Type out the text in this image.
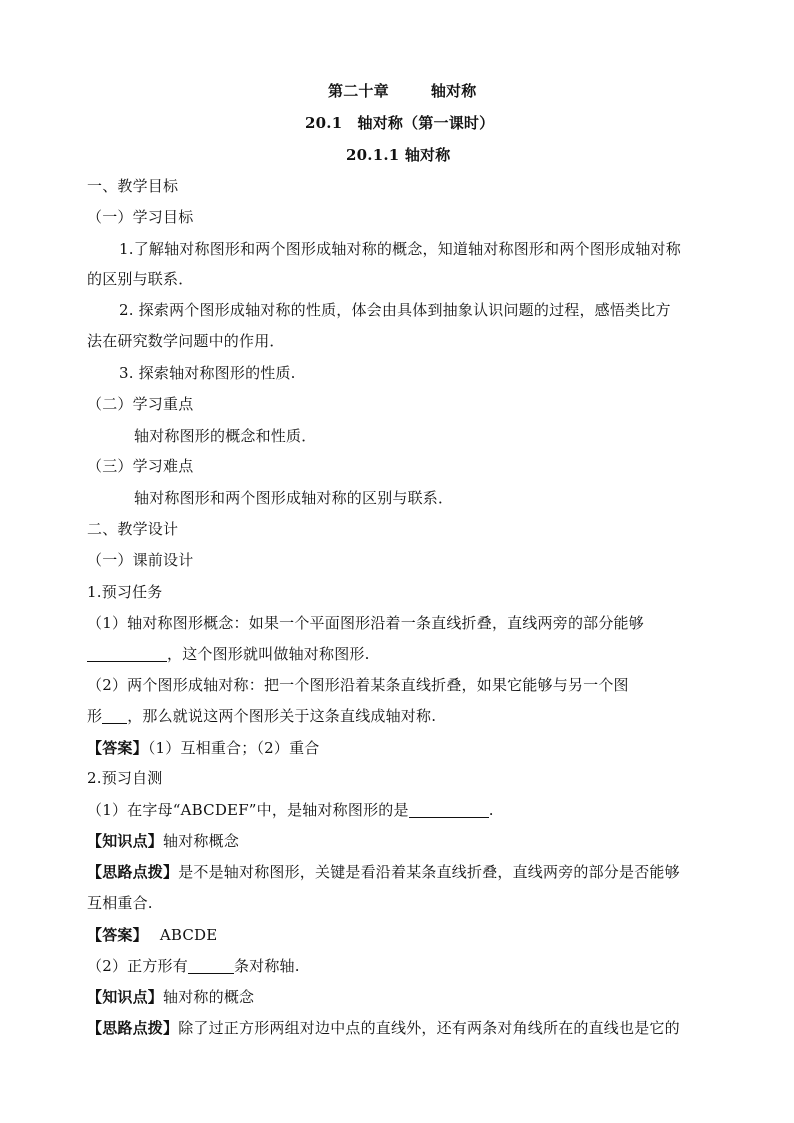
第二十章	轴对称
20.1　轴对称（第一课时）
20.1.1 轴对称
一、教学目标
（一）学习目标
1.了解轴对称图形和两个图形成轴对称的概念，知道轴对称图形和两个图形成轴对称
的区别与联系．
2. 探索两个图形成轴对称的性质，体会由具体到抽象认识问题的过程，感悟类比方
法在研究数学问题中的作用．
3. 探索轴对称图形的性质.
（二）学习重点
轴对称图形的概念和性质．
（三）学习难点
轴对称图形和两个图形成轴对称的区别与联系．
二、教学设计
（一）课前设计
1.预习任务
（1）轴对称图形概念：如果一个平面图形沿着一条直线折叠，直线两旁的部分能够
，这个图形就叫做轴对称图形.
（2）两个图形成轴对称：把一个图形沿着某条直线折叠，如果它能够与另一个图
形 ，那么就说这两个图形关于这条直线成轴对称.
【答案】（1）互相重合；（2）重合
2.预习自测
（1）在字母“ABCDEF”中，是轴对称图形的是	.
【知识点】轴对称概念
【思路点拨】是不是轴对称图形，关键是看沿着某条直线折叠，直线两旁的部分是否能够
互相重合.
【答案】 ABCDE
（2）正方形有	条对称轴.
【知识点】轴对称的概念
【思路点拨】除了过正方形两组对边中点的直线外，还有两条对角线所在的直线也是它的
